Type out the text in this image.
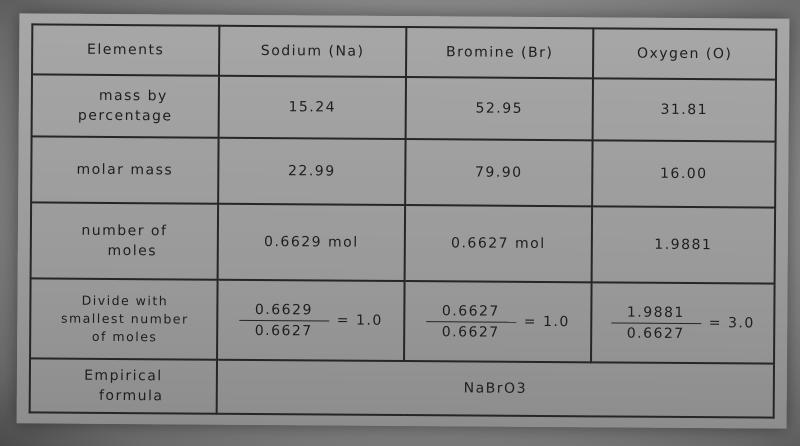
Elements	Sodium (Na)	Bromine (Br)	Oxygen (O)

mass by
percentage	15.24	52.95	31.81
molar mass	22.99	79.90	16.00

number of
moles	0.6629 mol	0.6627 mol	1.9881

Divide with
smallest number
of moles	$\frac{0.6629}{0.6627} = 1.0$	$\frac{0.6627}{0.6627} = 1.0$	$\frac{1.9881}{0.6627} = 3.0$

Empirical
formula	NaBrO3		
